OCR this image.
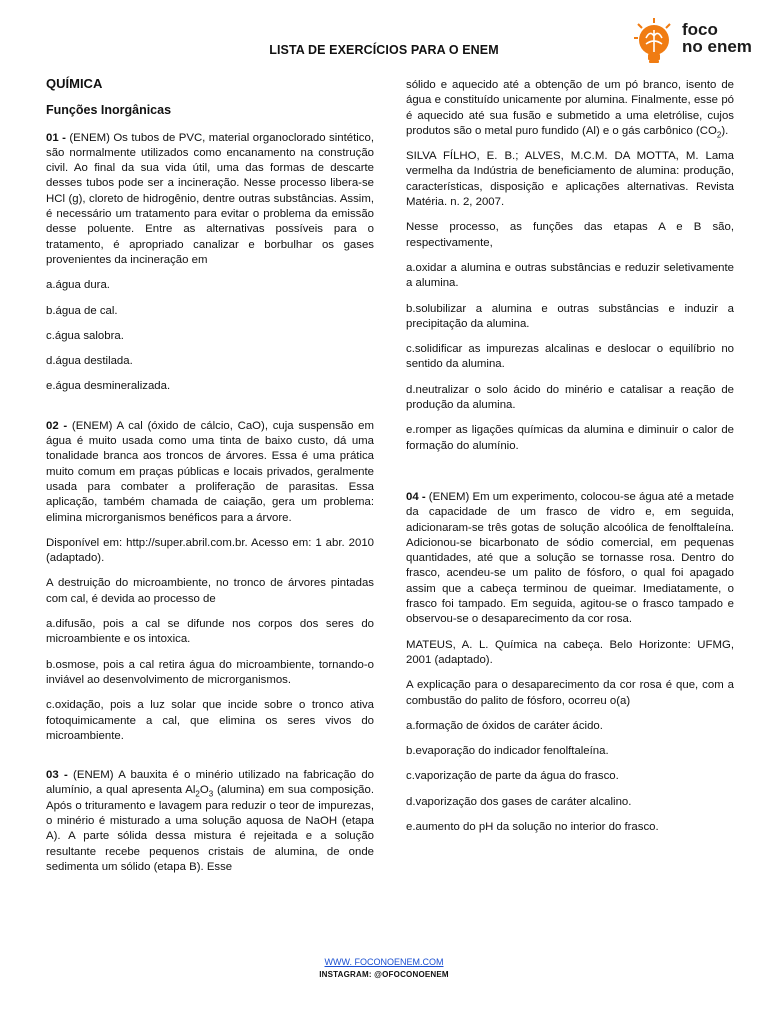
LISTA DE EXERCÍCIOS PARA O ENEM
foco
no enem

QUÍMICA

Funções Inorgânicas

01 - (ENEM) Os tubos de PVC, material organoclorado sintético, são normalmente utilizados como encanamento na construção civil. Ao final da sua vida útil, uma das formas de descarte desses tubos pode ser a incineração. Nesse processo libera-se HCl (g), cloreto de hidrogênio, dentre outras substâncias. Assim, é necessário um tratamento para evitar o problema da emissão desse poluente. Entre as alternativas possíveis para o tratamento, é apropriado canalizar e borbulhar os gases provenientes da incineração em

a.água dura.

b.água de cal.

c.água salobra.

d.água destilada.

e.água desmineralizada.

02 - (ENEM) A cal (óxido de cálcio, CaO), cuja suspensão em água é muito usada como uma tinta de baixo custo, dá uma tonalidade branca aos troncos de árvores. Essa é uma prática muito comum em praças públicas e locais privados, geralmente usada para combater a proliferação de parasitas. Essa aplicação, também chamada de caiação, gera um problema: elimina microrganismos benéficos para a árvore.

Disponível em: http://super.abril.com.br. Acesso em: 1 abr. 2010 (adaptado).

A destruição do microambiente, no tronco de árvores pintadas com cal, é devida ao processo de

a.difusão, pois a cal se difunde nos corpos dos seres do microambiente e os intoxica.

b.osmose, pois a cal retira água do microambiente, tornando-o inviável ao desenvolvimento de microrganismos.

c.oxidação, pois a luz solar que incide sobre o tronco ativa fotoquimicamente a cal, que elimina os seres vivos do microambiente.

03 - (ENEM) A bauxita é o minério utilizado na fabricação do alumínio, a qual apresenta $Al_2O_3$ (alumina) em sua composição. Após o trituramento e lavagem para reduzir o teor de impurezas, o minério é misturado a uma solução aquosa de NaOH (etapa A). A parte sólida dessa mistura é rejeitada e a solução resultante recebe pequenos cristais de alumina, de onde sedimenta um sólido (etapa B). Esse

sólido e aquecido até a obtenção de um pó branco, isento de água e constituído unicamente por alumina. Finalmente, esse pó é aquecido até sua fusão e submetido a uma eletrólise, cujos produtos são o metal puro fundido (Al) e o gás carbônico $(CO_2)$.

SILVA FÍLHO, E. B.; ALVES, M.C.M. DA MOTTA, M. Lama vermelha da Indústria de beneficiamento de alumina: produção, características, disposição e aplicações alternativas. Revista Matéria. n. 2, 2007.

Nesse processo, as funções das etapas A e B são, respectivamente,

a.oxidar a alumina e outras substâncias e reduzir seletivamente a alumina.

b.solubilizar a alumina e outras substâncias e induzir a precipitação da alumina.

c.solidificar as impurezas alcalinas e deslocar o equilíbrio no sentido da alumina.

d.neutralizar o solo ácido do minério e catalisar a reação de produção da alumina.

e.romper as ligações químicas da alumina e diminuir o calor de formação do alumínio.

04 - (ENEM) Em um experimento, colocou-se água até a metade da capacidade de um frasco de vidro e, em seguida, adicionaram-se três gotas de solução alcoólica de fenolftaleína. Adicionou-se bicarbonato de sódio comercial, em pequenas quantidades, até que a solução se tornasse rosa. Dentro do frasco, acendeu-se um palito de fósforo, o qual foi apagado assim que a cabeça terminou de queimar. Imediatamente, o frasco foi tampado. Em seguida, agitou-se o frasco tampado e observou-se o desaparecimento da cor rosa.

MATEUS, A. L. Química na cabeça. Belo Horizonte: UFMG, 2001 (adaptado).

A explicação para o desaparecimento da cor rosa é que, com a combustão do palito de fósforo, ocorreu o(a)

a.formação de óxidos de caráter ácido.

b.evaporação do indicador fenolftaleína.

c.vaporização de parte da água do frasco.

d.vaporização dos gases de caráter alcalino.

e.aumento do pH da solução no interior do frasco.

WWW. FOCONOENEM.COM
INSTAGRAM: @OFOCONOENEM
